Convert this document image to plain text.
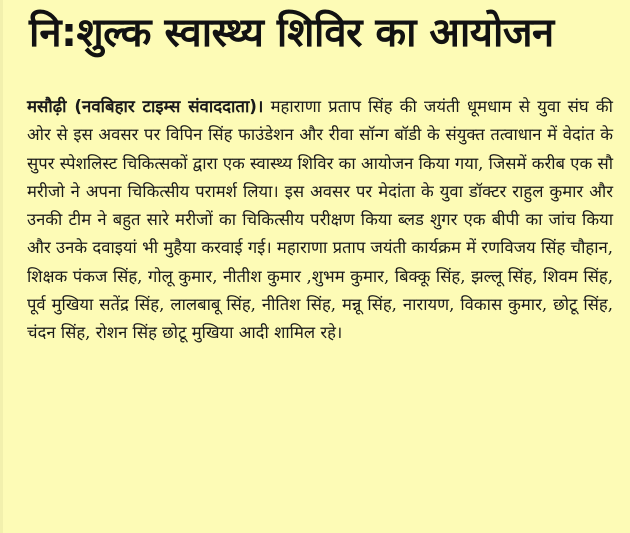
नि:शुल्क स्वास्थ्य शिविर का आयोजन

मसौढ़ी (नवबिहार टाइम्स संवाददाता)। महाराणा प्रताप सिंह की जयंती धूमधाम से युवा संघ की ओर से इस अवसर पर विपिन सिंह फाउंडेशन और रीवा सॉन्ग बॉडी के संयुक्त तत्वाधान में वेदांत के सुपर स्पेशलिस्ट चिकित्सकों द्वारा एक स्वास्थ्य शिविर का आयोजन किया गया, जिसमें करीब एक सौ मरीजो ने अपना चिकित्सीय परामर्श लिया। इस अवसर पर मेदांता के युवा डॉक्टर राहुल कुमार और उनकी टीम ने बहुत सारे मरीजों का चिकित्सीय परीक्षण किया ब्लड शुगर एक बीपी का जांच किया और उनके दवाइयां भी मुहैया करवाई गई। महाराणा प्रताप जयंती कार्यक्रम में रणविजय सिंह चौहान, शिक्षक पंकज सिंह, गोलू कुमार, नीतीश कुमार ,शुभम कुमार, बिक्कू सिंह, झल्लू सिंह, शिवम सिंह, पूर्व मुखिया सतेंद्र सिंह, लालबाबू सिंह, नीतिश सिंह, मन्नू सिंह, नारायण, विकास कुमार, छोटू सिंह, चंदन सिंह, रोशन सिंह छोटू मुखिया आदी शामिल रहे।
